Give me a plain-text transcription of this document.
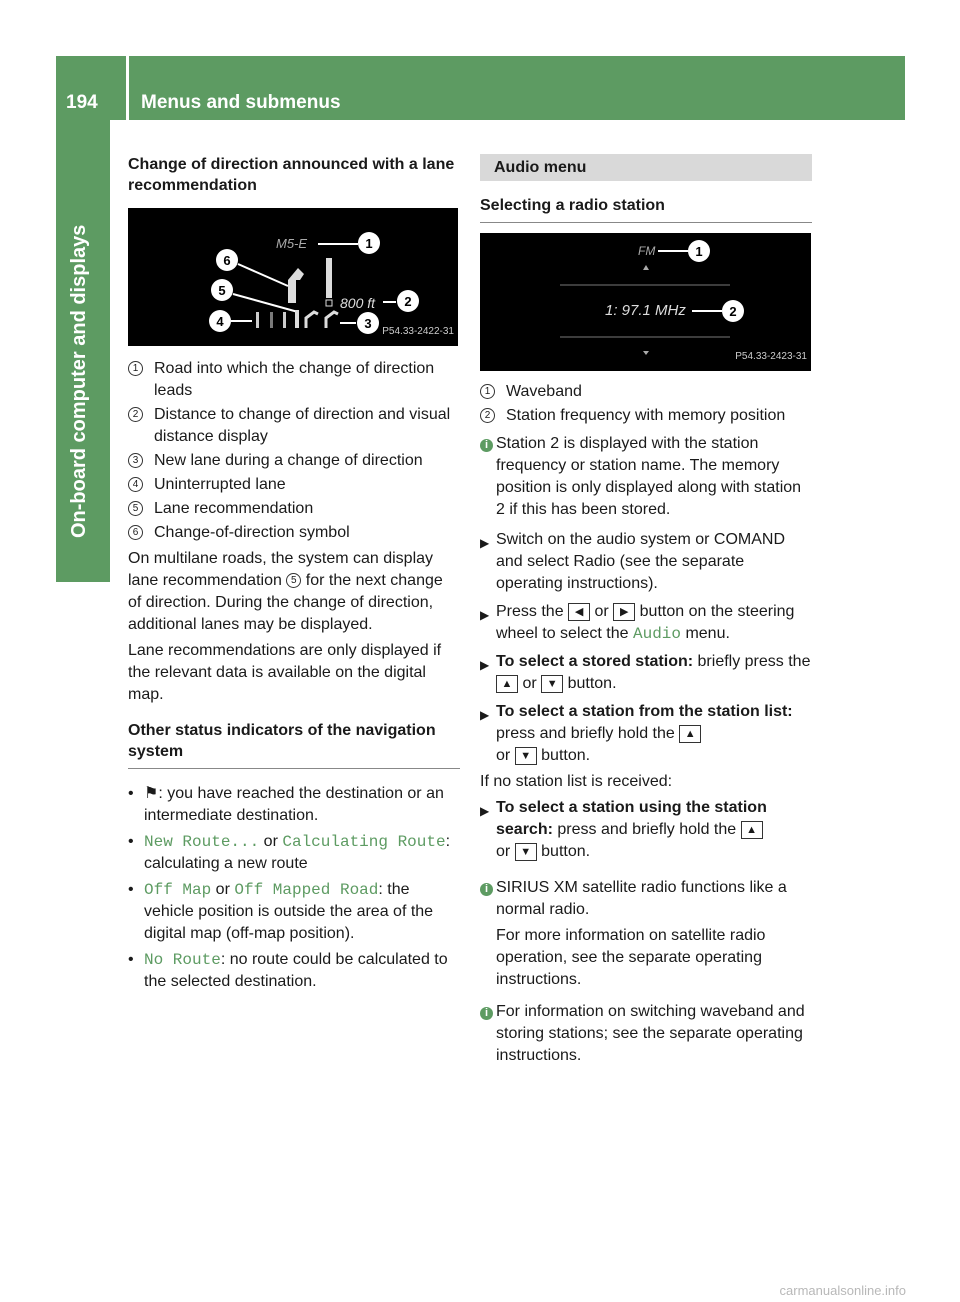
194 Menus and submenus
On-board computer and displays
Change of direction announced with a lane recommendation
M5-E	1
6
800 ft 2
5
4	3
P54.33-2422-31
1 Road into which the change of direction leads
2 Distance to change of direction and visual distance display
3 New lane during a change of direction
4 Uninterrupted lane
5 Lane recommendation
6 Change-of-direction symbol

On multilane roads, the system can display lane recommendation 5 for the next change of direction. During the change of direction, additional lanes may be displayed.

Lane recommendations are only displayed if the relevant data is available on the digital map.

Other status indicators of the navigation system
• ⚑: you have reached the destination or an intermediate destination.
• New Route... or Calculating Route: calculating a new route
• Off Map or Off Mapped Road: the vehicle position is outside the area of the digital map (off-map position).
• No Route: no route could be calculated to the selected destination.
Audio menu
Selecting a radio station
FM	1
1: 97.1 MHz	2
P54.33-2423-31
1 Waveband
2 Station frequency with memory position
i Station 2 is displayed with the station frequency or station name. The memory position is only displayed along with station 2 if this has been stored.

▶ Switch on the audio system or COMAND and select Radio (see the separate operating instructions).

▶ Press the ◀ or ▶ button on the steering wheel to select the Audio menu.

▶ To select a stored station: briefly press the ▲ or ▼ button.

▶ To select a station from the station list: press and briefly hold the ▲
or ▼ button.

If no station list is received:

▶ To select a station using the station search: press and briefly hold the ▲
or ▼ button.

i SIRIUS XM satellite radio functions like a normal radio.

For more information on satellite radio operation, see the separate operating instructions.

i For information on switching waveband and storing stations; see the separate operating instructions.

carmanualsonline.info
